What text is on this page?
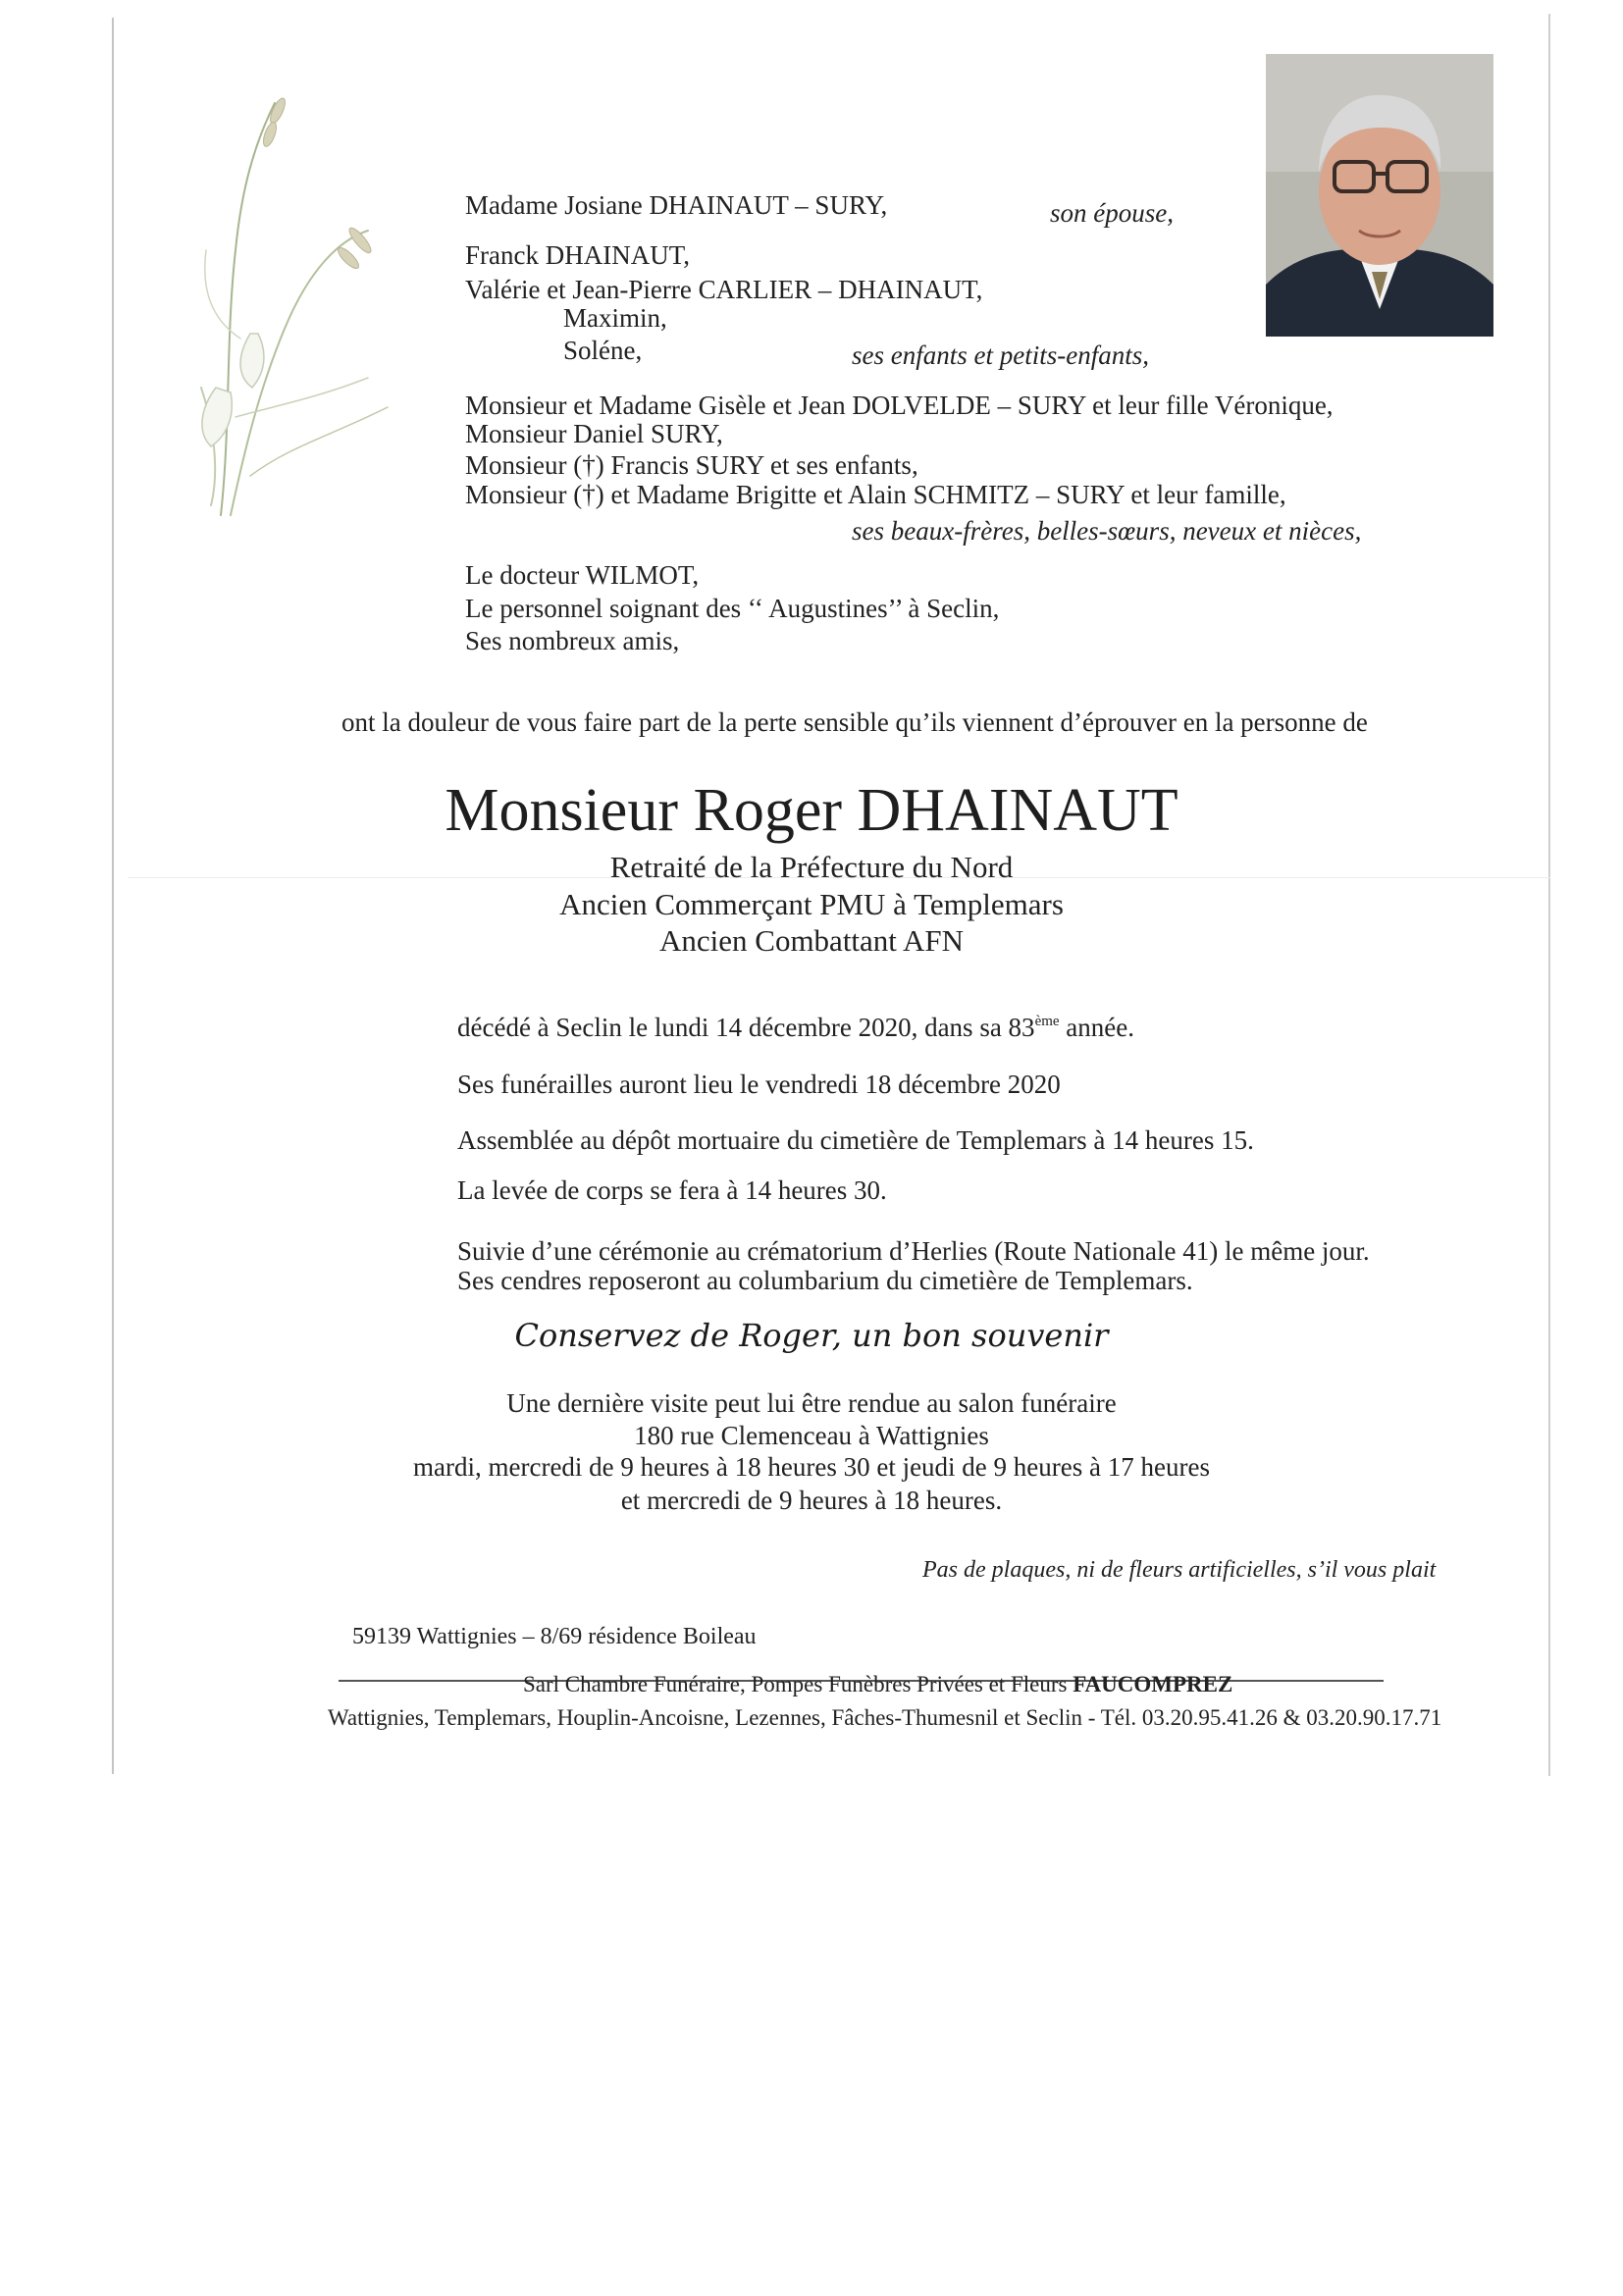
Madame Josiane DHAINAUT – SURY,	son épouse,
Franck DHAINAUT,
Valérie et Jean-Pierre CARLIER – DHAINAUT,
Maximin,
Soléne,	ses enfants et petits-enfants,
Monsieur et Madame Gisèle et Jean DOLVELDE – SURY et leur fille Véronique,
Monsieur Daniel SURY,
Monsieur (†) Francis SURY et ses enfants,
Monsieur (†) et Madame Brigitte et Alain SCHMITZ – SURY et leur famille,
ses beaux-frères, belles-sœurs, neveux et nièces,
Le docteur WILMOT,
Le personnel soignant des ‘‘ Augustines’’ à Seclin,
Ses nombreux amis,
ont la douleur de vous faire part de la perte sensible qu’ils viennent d’éprouver en la personne de
Monsieur Roger DHAINAUT
Retraité de la Préfecture du Nord
Ancien Commerçant PMU à Templemars
Ancien Combattant AFN
décédé à Seclin le lundi 14 décembre 2020, dans sa 83ème année.
Ses funérailles auront lieu le vendredi 18 décembre 2020
Assemblée au dépôt mortuaire du cimetière de Templemars à 14 heures 15.
La levée de corps se fera à 14 heures 30.
Suivie d’une cérémonie au crématorium d’Herlies (Route Nationale 41) le même jour.
Ses cendres reposeront au columbarium du cimetière de Templemars.
Conservez de Roger, un bon souvenir
Une dernière visite peut lui être rendue au salon funéraire
180 rue Clemenceau à Wattignies
mardi, mercredi de 9 heures à 18 heures 30 et jeudi de 9 heures à 17 heures
et mercredi de 9 heures à 18 heures.
Pas de plaques, ni de fleurs artificielles, s’il vous plait
59139 Wattignies – 8/69 résidence Boileau
Sarl Chambre Funéraire, Pompes Funèbres Privées et Fleurs FAUCOMPREZ
Wattignies, Templemars, Houplin-Ancoisne, Lezennes, Fâches-Thumesnil et Seclin - Tél. 03.20.95.41.26 & 03.20.90.17.71
